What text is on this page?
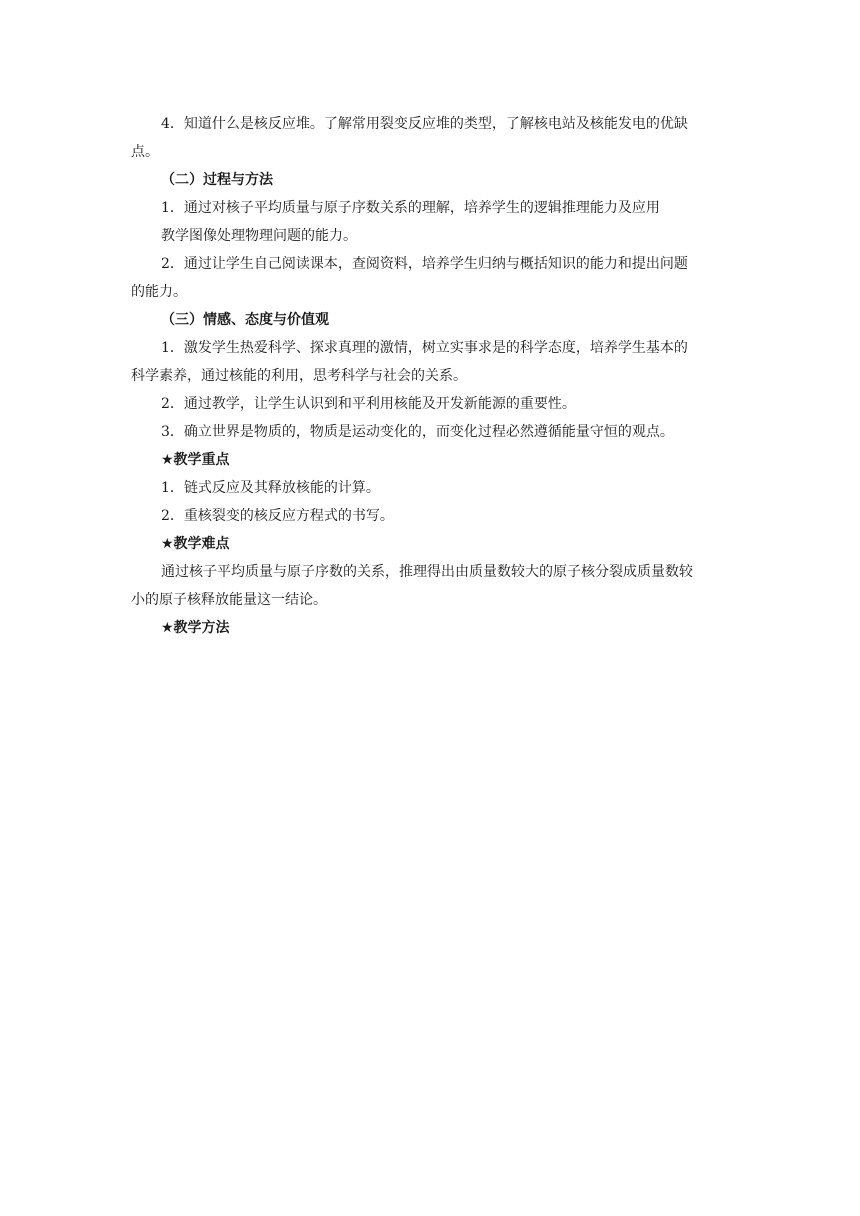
4．知道什么是核反应堆。了解常用裂变反应堆的类型，了解核电站及核能发电的优缺
点。
（二）过程与方法
1．通过对核子平均质量与原子序数关系的理解，培养学生的逻辑推理能力及应用
教学图像处理物理问题的能力。
2．通过让学生自己阅读课本，查阅资料，培养学生归纳与概括知识的能力和提出问题
的能力。
（三）情感、态度与价值观
1．激发学生热爱科学、探求真理的激情，树立实事求是的科学态度，培养学生基本的
科学素养，通过核能的利用，思考科学与社会的关系。
2．通过教学，让学生认识到和平利用核能及开发新能源的重要性。
3．确立世界是物质的，物质是运动变化的，而变化过程必然遵循能量守恒的观点。
★教学重点
1．链式反应及其释放核能的计算。
2．重核裂变的核反应方程式的书写。
★教学难点
通过核子平均质量与原子序数的关系，推理得出由质量数较大的原子核分裂成质量数较
小的原子核释放能量这一结论。
★教学方法
